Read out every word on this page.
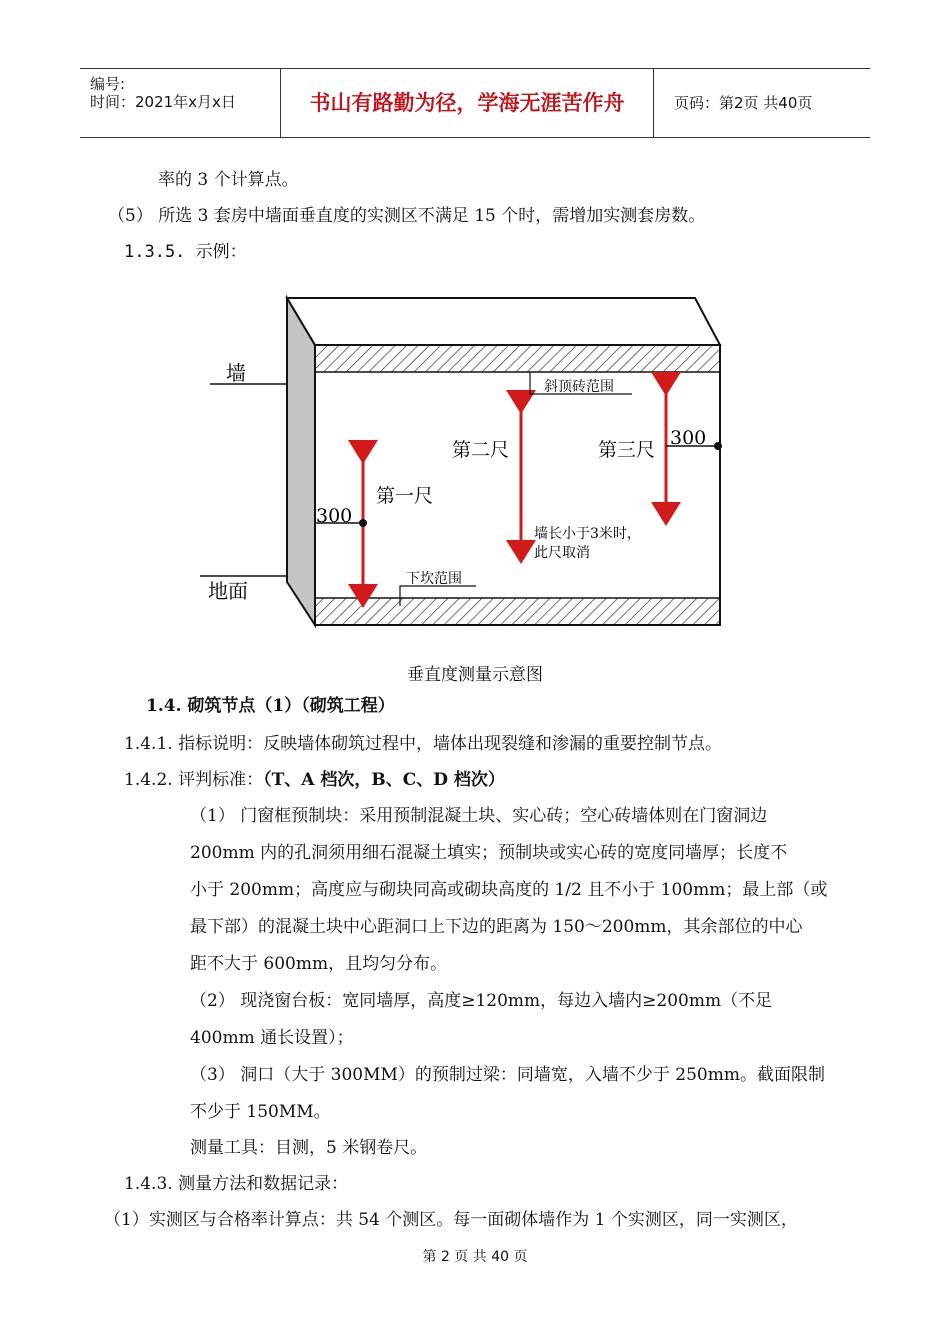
编号:
时间：2021年x月x日	书山有路勤为径，学海无涯苦作舟	页码：第2页 共40页
率的 3 个计算点。
（5） 所选 3 套房中墙面垂直度的实测区不满足 15 个时，需增加实测套房数。
1.3.5. 示例：
墙
地面
300
第一尺
第二尺
墙长小于3米时，
此尺取消
300
第三尺
斜顶砖范围
下坎范围
垂直度测量示意图
1.4. 砌筑节点（1）（砌筑工程）
1.4.1. 指标说明：反映墙体砌筑过程中，墙体出现裂缝和渗漏的重要控制节点。
1.4.2. 评判标准：（T、A 档次，B、C、D 档次）
（1） 门窗框预制块：采用预制混凝土块、实心砖；空心砖墙体则在门窗洞边
200mm 内的孔洞须用细石混凝土填实；预制块或实心砖的宽度同墙厚；长度不
小于 200mm；高度应与砌块同高或砌块高度的 1/2 且不小于 100mm；最上部（或
最下部）的混凝土块中心距洞口上下边的距离为 150～200mm，其余部位的中心
距不大于 600mm，且均匀分布。
（2） 现浇窗台板：宽同墙厚，高度≥120mm，每边入墙内≥200mm（不足
400mm 通长设置）；
（3） 洞口（大于 300MM）的预制过梁：同墙宽，入墙不少于 250mm。截面限制
不少于 150MM。
测量工具：目测，5 米钢卷尺。
1.4.3. 测量方法和数据记录：
（1）实测区与合格率计算点：共 54 个测区。每一面砌体墙作为 1 个实测区，同一实测区，
第 2 页 共 40 页
